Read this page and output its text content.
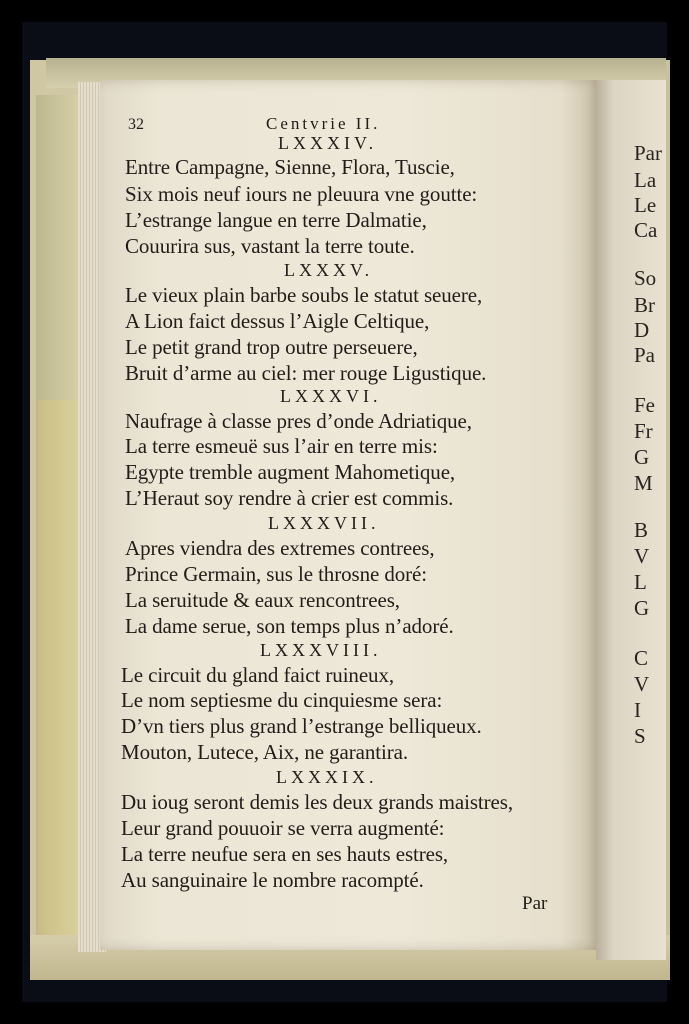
Par
La
Le
Ca
So
Br
D
Pa
Fe
Fr
G
M
B
V
L
G
C
V
I
S
32	Centvrie II.
LXXXIV.
Entre Campagne, Sienne, Flora, Tuscie,
Six mois neuf iours ne pleuura vne goutte:
L’estrange langue en terre Dalmatie,
Couurira sus, vastant la terre toute.
LXXXV.
Le vieux plain barbe soubs le statut seuere,
A Lion faict dessus l’Aigle Celtique,
Le petit grand trop outre perseuere,
Bruit d’arme au ciel: mer rouge Ligustique.
LXXXVI.
Naufrage à classe pres d’onde Adriatique,
La terre esmeuë sus l’air en terre mis:
Egypte tremble augment Mahometique,
L’Heraut soy rendre à crier est commis.
LXXXVII.
Apres viendra des extremes contrees,
Prince Germain, sus le throsne doré:
La seruitude & eaux rencontrees,
La dame serue, son temps plus n’adoré.
LXXXVIII.
Le circuit du gland faict ruineux,
Le nom septiesme du cinquiesme sera:
D’vn tiers plus grand l’estrange belliqueux.
Mouton, Lutece, Aix, ne garantira.
LXXXIX.
Du ioug seront demis les deux grands maistres,
Leur grand pouuoir se verra augmenté:
La terre neufue sera en ses hauts estres,
Au sanguinaire le nombre racompté.
Par
